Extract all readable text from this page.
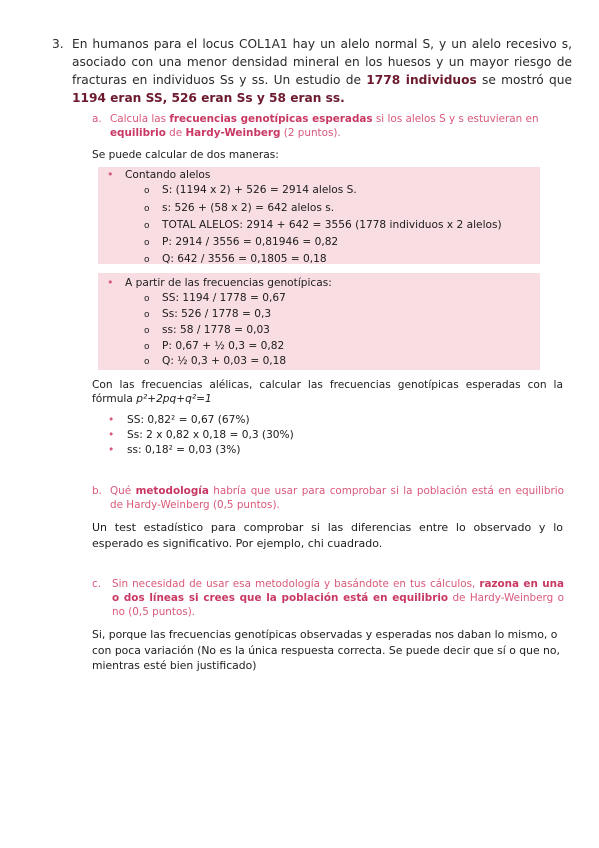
3. En humanos para el locus COL1A1 hay un alelo normal S, y un alelo recesivo s, asociado con una menor densidad mineral en los huesos y un mayor riesgo de fracturas en individuos Ss y ss. Un estudio de 1778 individuos se mostró que 1194 eran SS, 526 eran Ss y 58 eran ss.
a. Calcula las frecuencias genotípicas esperadas si los alelos S y s estuvieran en equilibrio de Hardy-Weinberg (2 puntos).
Se puede calcular de dos maneras:
• Contando alelos
o S: (1194 x 2) + 526 = 2914 alelos S.
o s: 526 + (58 x 2) = 642 alelos s.
o TOTAL ALELOS: 2914 + 642 = 3556 (1778 individuos x 2 alelos)
o P: 2914 / 3556 = 0,81946 = 0,82
o Q: 642 / 3556 = 0,1805 = 0,18
• A partir de las frecuencias genotípicas:
o SS: 1194 / 1778 = 0,67
o Ss: 526 / 1778 = 0,3
o ss: 58 / 1778 = 0,03
o P: 0,67 + ½ 0,3 = 0,82
o Q: ½ 0,3 + 0,03 = 0,18
Con las frecuencias alélicas, calcular las frecuencias genotípicas esperadas con la fórmula p²+2pq+q²=1
• SS: 0,82² = 0,67 (67%)
• Ss: 2 x 0,82 x 0,18 = 0,3 (30%)
• ss: 0,18² = 0,03 (3%)
b. Qué metodología habría que usar para comprobar si la población está en equilibrio de Hardy-Weinberg (0,5 puntos).
Un test estadístico para comprobar si las diferencias entre lo observado y lo esperado es significativo. Por ejemplo, chi cuadrado.
c. Sin necesidad de usar esa metodología y basándote en tus cálculos, razona en una o dos líneas si crees que la población está en equilibrio de Hardy-Weinberg o no (0,5 puntos).
Si, porque las frecuencias genotípicas observadas y esperadas nos daban lo mismo, o con poca variación (No es la única respuesta correcta. Se puede decir que sí o que no, mientras esté bien justificado)
